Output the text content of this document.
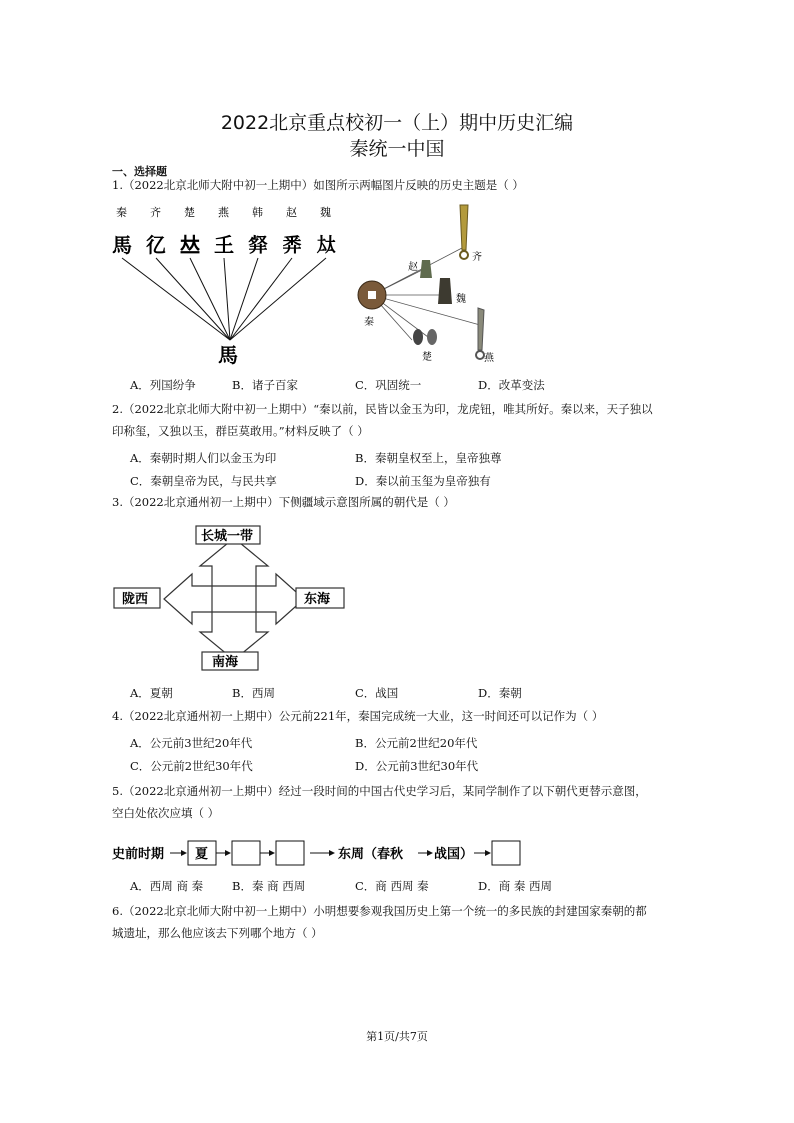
2022北京重点校初一（上）期中历史汇编
秦统一中国
一、选择题
1.（2022北京北师大附中初一上期中）如图所示两幅图片反映的历史主题是（ ）
秦 齐 楚 燕 韩 赵 魏
馬 𢒼 𠀤 𡈼 𠭘 𢍏 𡘋
馬
秦
齐
赵
魏
楚	燕
A．列国纷争	B．诸子百家	C．巩固统一	D．改革变法
2.（2022北京北师大附中初一上期中）“秦以前，民皆以金玉为印，龙虎钮，唯其所好。秦以来，天子独以
印称玺，又独以玉，群臣莫敢用。”材料反映了（ ）
A．秦朝时期人们以金玉为印	B．秦朝皇权至上，皇帝独尊
C．秦朝皇帝为民，与民共享	D．秦以前玉玺为皇帝独有
3.（2022北京通州初一上期中）下侧疆域示意图所属的朝代是（ ）
长城一带
陇西	东海
南海
A．夏朝	B．西周	C．战国	D．秦朝
4.（2022北京通州初一上期中）公元前221年，秦国完成统一大业，这一时间还可以记作为（ ）
A．公元前3世纪20年代	B．公元前2世纪20年代
C．公元前2世纪30年代	D．公元前3世纪30年代
5.（2022北京通州初一上期中）经过一段时间的中国古代史学习后，某同学制作了以下朝代更替示意图，
空白处依次应填（ ）
史前时期 夏	东周（春秋 战国）
A．西周 商 秦	B．秦 商 西周	C．商 西周 秦	D．商 秦 西周
6.（2022北京北师大附中初一上期中）小明想要参观我国历史上第一个统一的多民族的封建国家秦朝的都
城遗址，那么他应该去下列哪个地方（ ）
第1页/共7页
